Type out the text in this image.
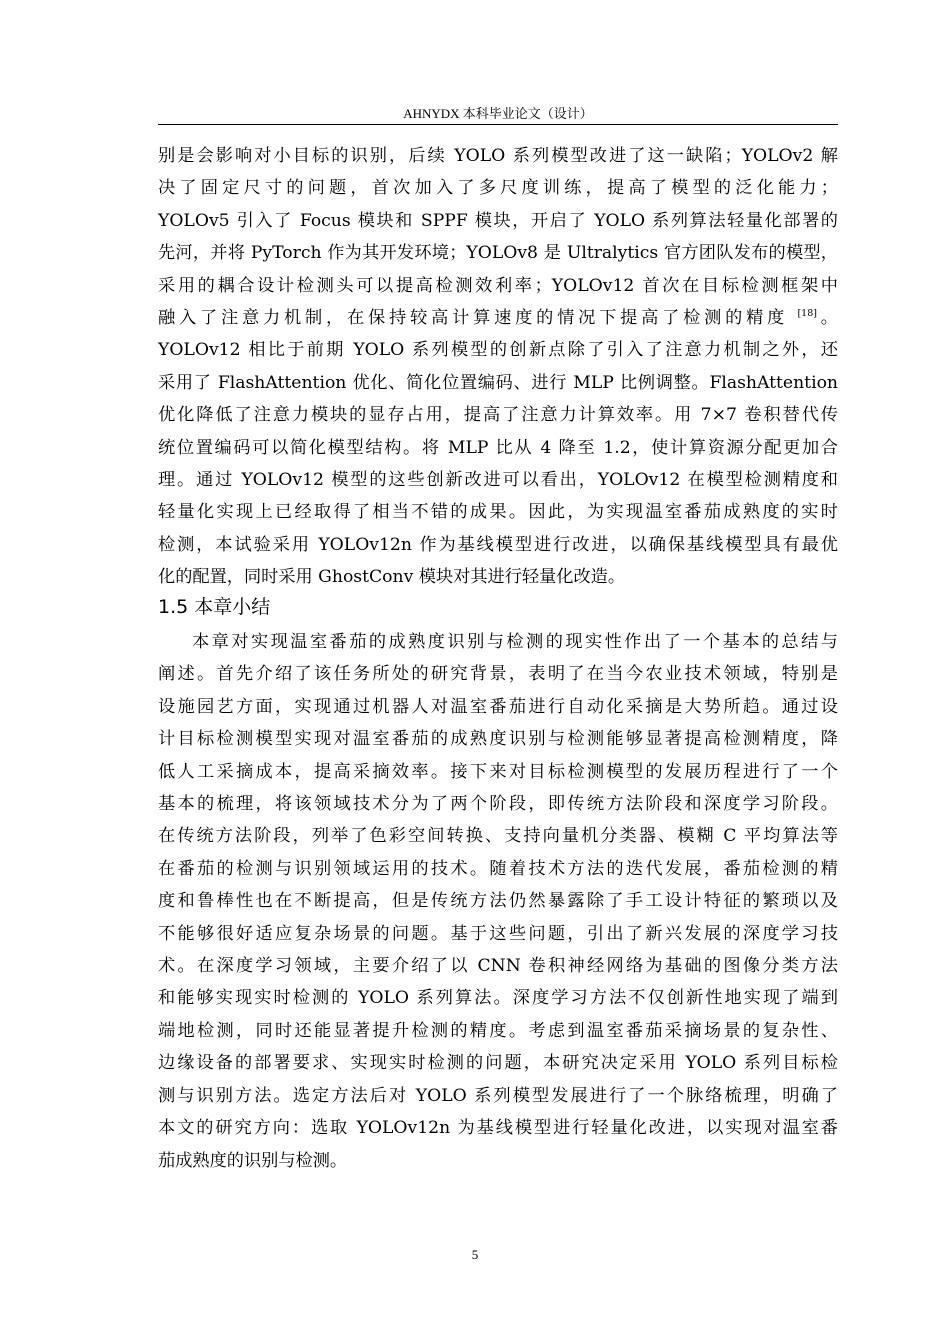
AHNYDX 本科毕业论文（设计）
别是会影响对小目标的识别，后续 YOLO 系列模型改进了这一缺陷；YOLOv2 解
决了固定尺寸的问题，首次加入了多尺度训练，提高了模型的泛化能力；
YOLOv5 引入了 Focus 模块和 SPPF 模块，开启了 YOLO 系列算法轻量化部署的
先河，并将 PyTorch 作为其开发环境；YOLOv8 是 Ultralytics 官方团队发布的模型，
采用的耦合设计检测头可以提高检测效利率；YOLOv12 首次在目标检测框架中
融入了注意力机制，在保持较高计算速度的情况下提高了检测的精度 [18]。
YOLOv12 相比于前期 YOLO 系列模型的创新点除了引入了注意力机制之外，还
采用了 FlashAttention 优化、简化位置编码、进行 MLP 比例调整。FlashAttention
优化降低了注意力模块的显存占用，提高了注意力计算效率。用 7×7 卷积替代传
统位置编码可以简化模型结构。将 MLP 比从 4 降至 1.2，使计算资源分配更加合
理。通过 YOLOv12 模型的这些创新改进可以看出，YOLOv12 在模型检测精度和
轻量化实现上已经取得了相当不错的成果。因此，为实现温室番茄成熟度的实时
检测，本试验采用 YOLOv12n 作为基线模型进行改进，以确保基线模型具有最优
化的配置，同时采用 GhostConv 模块对其进行轻量化改造。
1.5 本章小结
本章对实现温室番茄的成熟度识别与检测的现实性作出了一个基本的总结与
阐述。首先介绍了该任务所处的研究背景，表明了在当今农业技术领域，特别是
设施园艺方面，实现通过机器人对温室番茄进行自动化采摘是大势所趋。通过设
计目标检测模型实现对温室番茄的成熟度识别与检测能够显著提高检测精度，降
低人工采摘成本，提高采摘效率。接下来对目标检测模型的发展历程进行了一个
基本的梳理，将该领域技术分为了两个阶段，即传统方法阶段和深度学习阶段。
在传统方法阶段，列举了色彩空间转换、支持向量机分类器、模糊 C 平均算法等
在番茄的检测与识别领域运用的技术。随着技术方法的迭代发展，番茄检测的精
度和鲁棒性也在不断提高，但是传统方法仍然暴露除了手工设计特征的繁琐以及
不能够很好适应复杂场景的问题。基于这些问题，引出了新兴发展的深度学习技
术。在深度学习领域，主要介绍了以 CNN 卷积神经网络为基础的图像分类方法
和能够实现实时检测的 YOLO 系列算法。深度学习方法不仅创新性地实现了端到
端地检测，同时还能显著提升检测的精度。考虑到温室番茄采摘场景的复杂性、
边缘设备的部署要求、实现实时检测的问题，本研究决定采用 YOLO 系列目标检
测与识别方法。选定方法后对 YOLO 系列模型发展进行了一个脉络梳理，明确了
本文的研究方向：选取 YOLOv12n 为基线模型进行轻量化改进，以实现对温室番
茄成熟度的识别与检测。
5
